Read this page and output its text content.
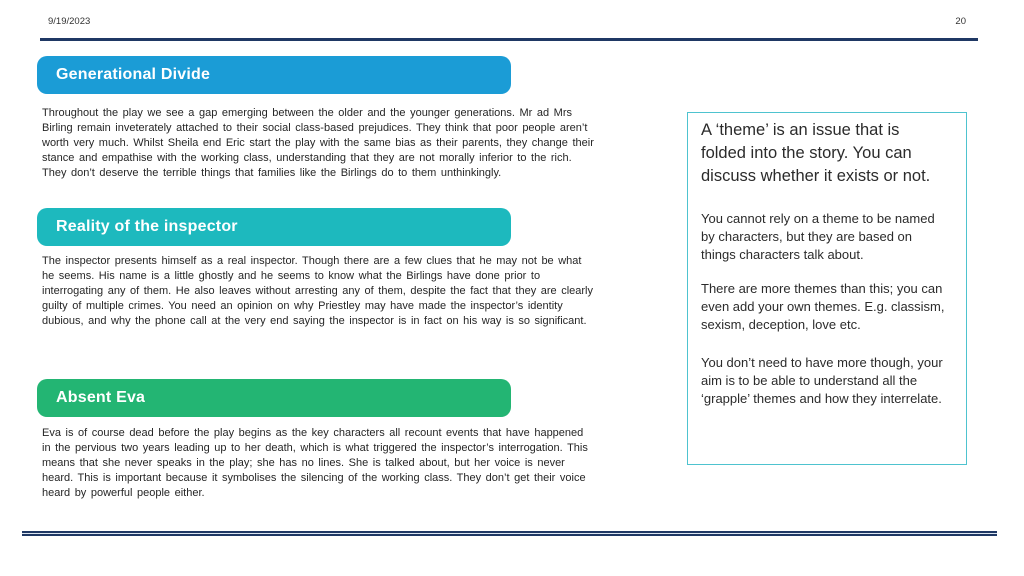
9/19/2023	20
Generational Divide

Throughout the play we see a gap emerging between the older and the younger generations. Mr ad Mrs Birling remain inveterately attached to their social class-based prejudices. They think that poor people aren’t worth very much. Whilst Sheila end Eric start the play with the same bias as their parents, they change their stance and empathise with the working class, understanding that they are not morally inferior to the rich. They don’t deserve the terrible things that families like the Birlings do to them unthinkingly.

Reality of the inspector

The inspector presents himself as a real inspector. Though there are a few clues that he may not be what he seems. His name is a little ghostly and he seems to know what the Birlings have done prior to interrogating any of them. He also leaves without arresting any of them, despite the fact that they are clearly guilty of multiple crimes. You need an opinion on why Priestley may have made the inspector’s identity dubious, and why the phone call at the very end saying the inspector is in fact on his way is so significant.

Absent Eva

Eva is of course dead before the play begins as the key characters all recount events that have happened in the pervious two years leading up to her death, which is what triggered the inspector’s interrogation. This means that she never speaks in the play; she has no lines. She is talked about, but her voice is never heard. This is important because it symbolises the silencing of the working class. They don’t get their voice heard by powerful people either.

A ‘theme’ is an issue that is folded into the story. You can discuss whether it exists or not.

You cannot rely on a theme to be named by characters, but they are based on things characters talk about.

There are more themes than this; you can even add your own themes. E.g. classism, sexism, deception, love etc.

You don’t need to have more though, your aim is to be able to understand all the ‘grapple’ themes and how they interrelate.
